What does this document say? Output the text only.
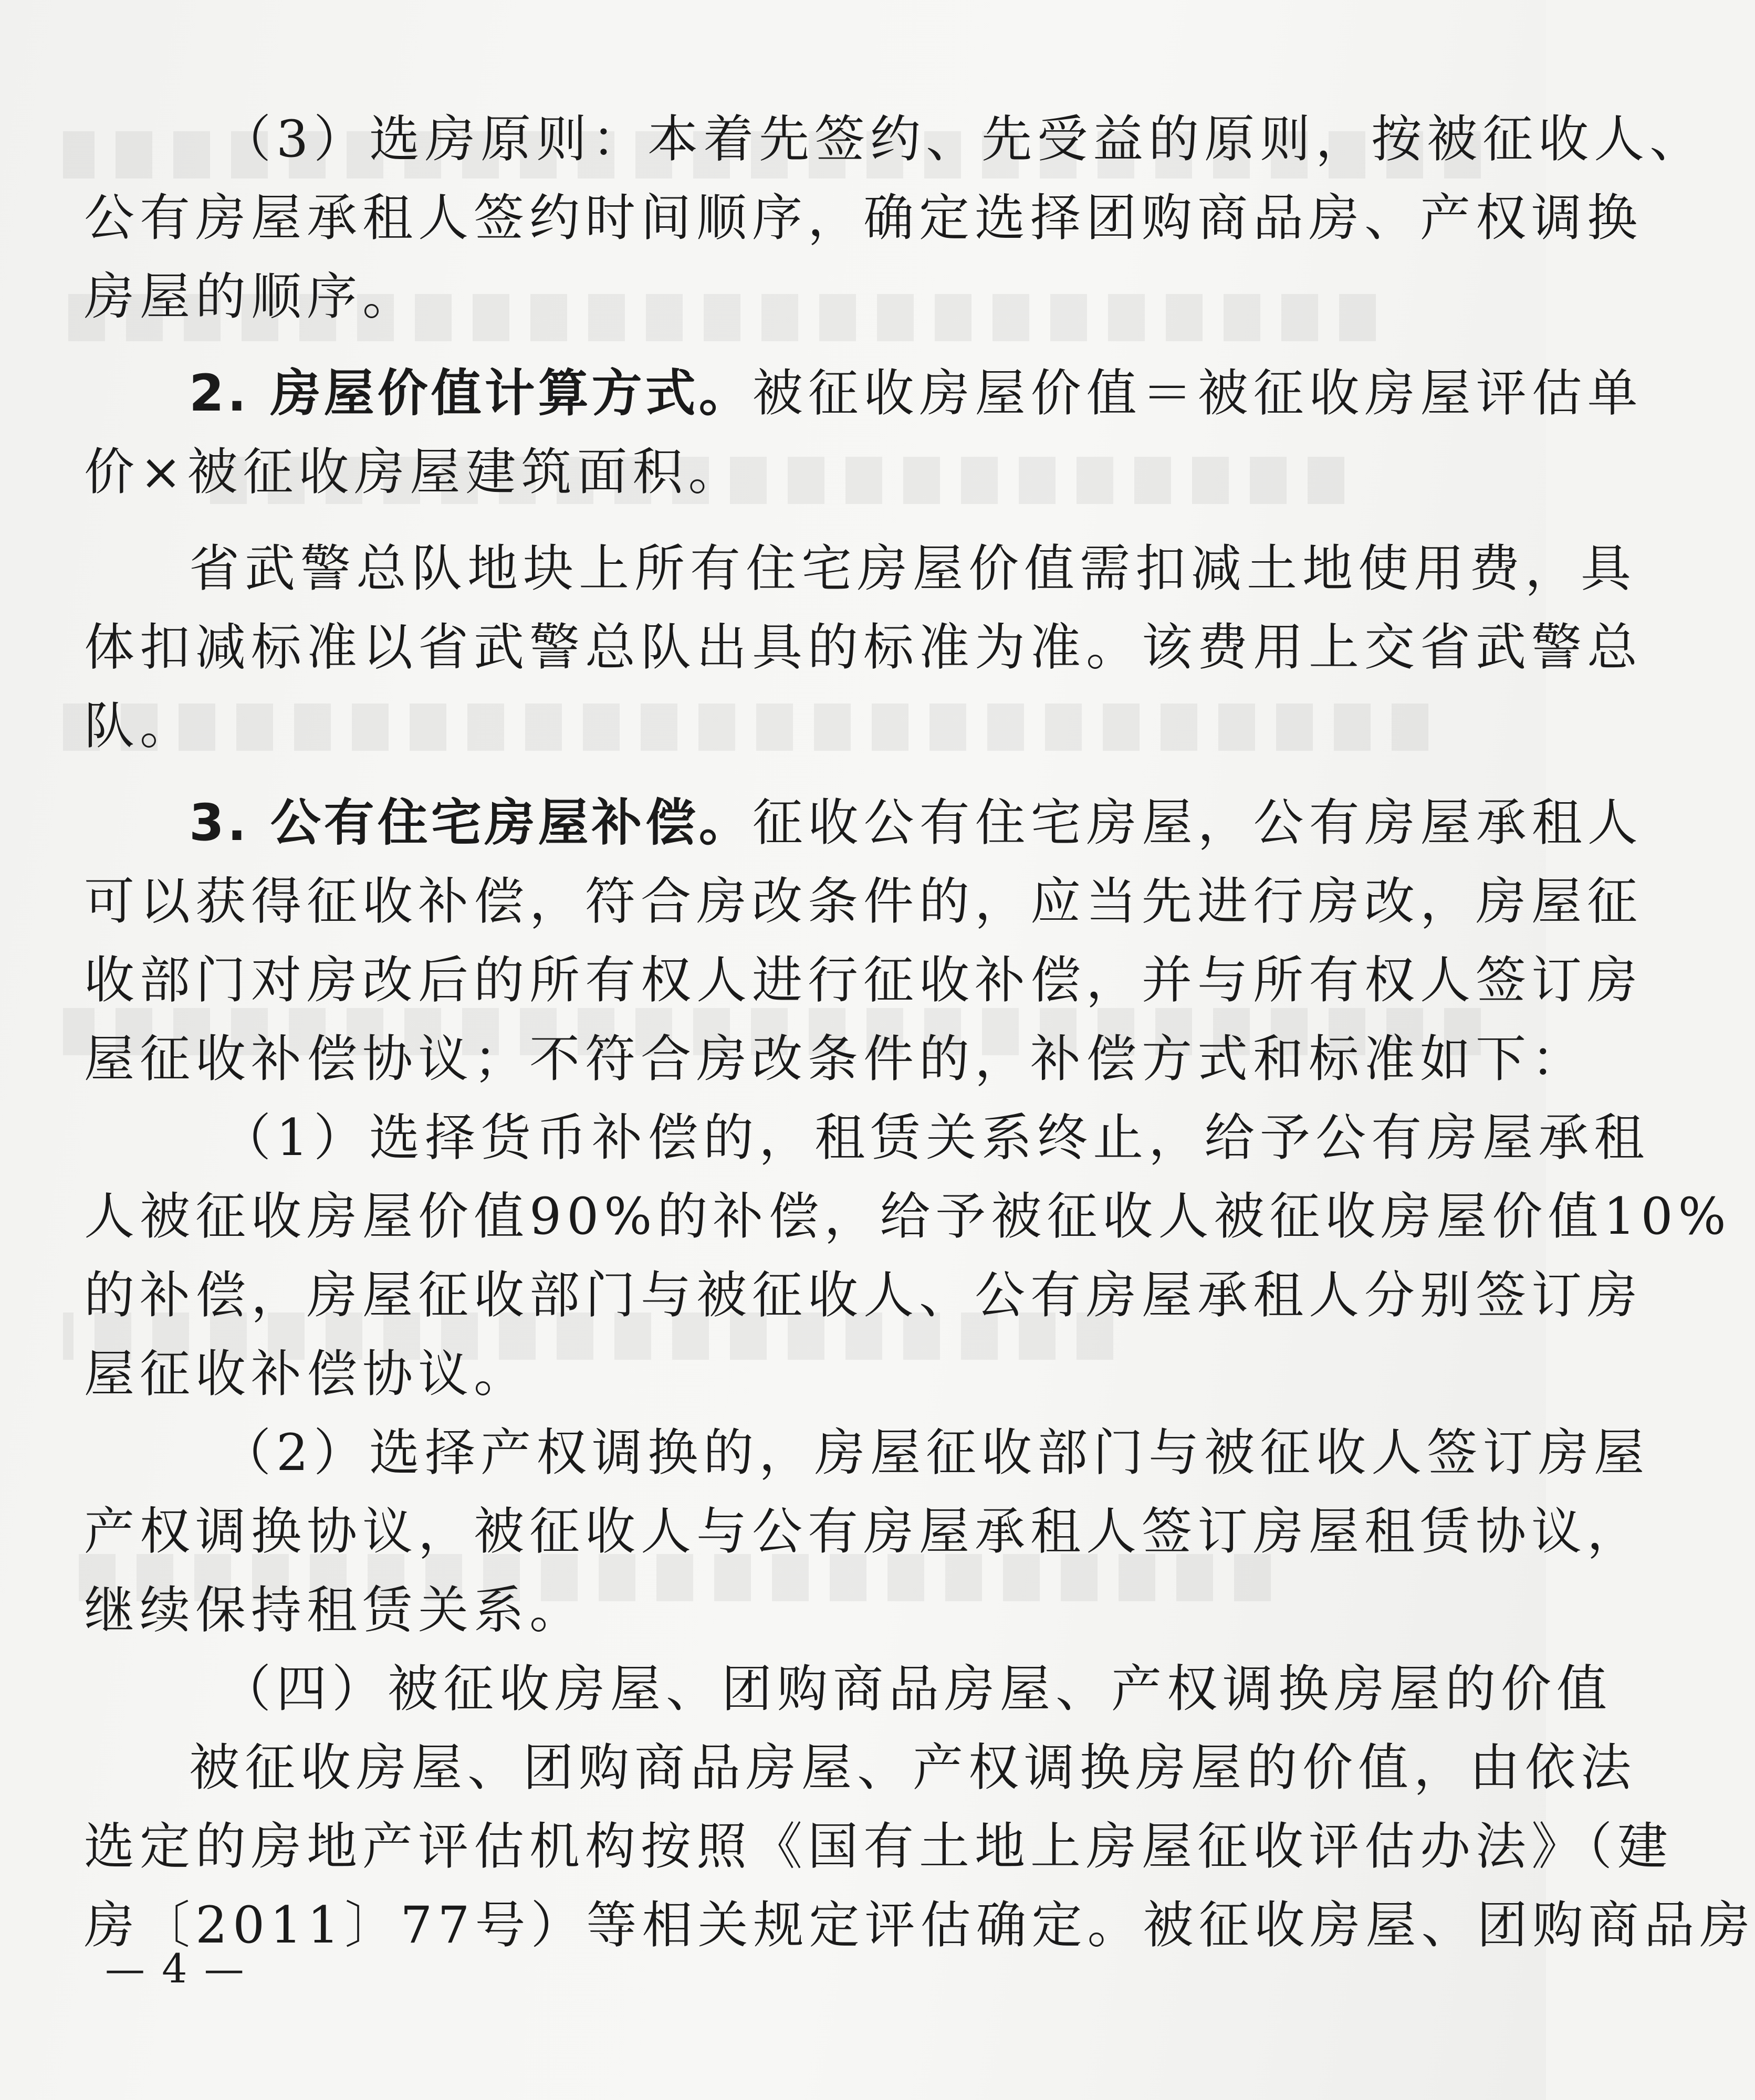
（3）选房原则：本着先签约、先受益的原则，按被征收人、
公有房屋承租人签约时间顺序，确定选择团购商品房、产权调换
房屋的顺序。
2. 房屋价值计算方式。被征收房屋价值＝被征收房屋评估单
价×被征收房屋建筑面积。
省武警总队地块上所有住宅房屋价值需扣减土地使用费，具
体扣减标准以省武警总队出具的标准为准。该费用上交省武警总
队。
3. 公有住宅房屋补偿。征收公有住宅房屋，公有房屋承租人
可以获得征收补偿，符合房改条件的，应当先进行房改，房屋征
收部门对房改后的所有权人进行征收补偿，并与所有权人签订房
屋征收补偿协议；不符合房改条件的，补偿方式和标准如下：
（1）选择货币补偿的，租赁关系终止，给予公有房屋承租
人被征收房屋价值90%的补偿，给予被征收人被征收房屋价值10%
的补偿，房屋征收部门与被征收人、公有房屋承租人分别签订房
屋征收补偿协议。
（2）选择产权调换的，房屋征收部门与被征收人签订房屋
产权调换协议，被征收人与公有房屋承租人签订房屋租赁协议，
继续保持租赁关系。
（四）被征收房屋、团购商品房屋、产权调换房屋的价值
被征收房屋、团购商品房屋、产权调换房屋的价值，由依法
选定的房地产评估机构按照《国有土地上房屋征收评估办法》（建
房〔2011〕77号）等相关规定评估确定。被征收房屋、团购商品房
— 4 —
